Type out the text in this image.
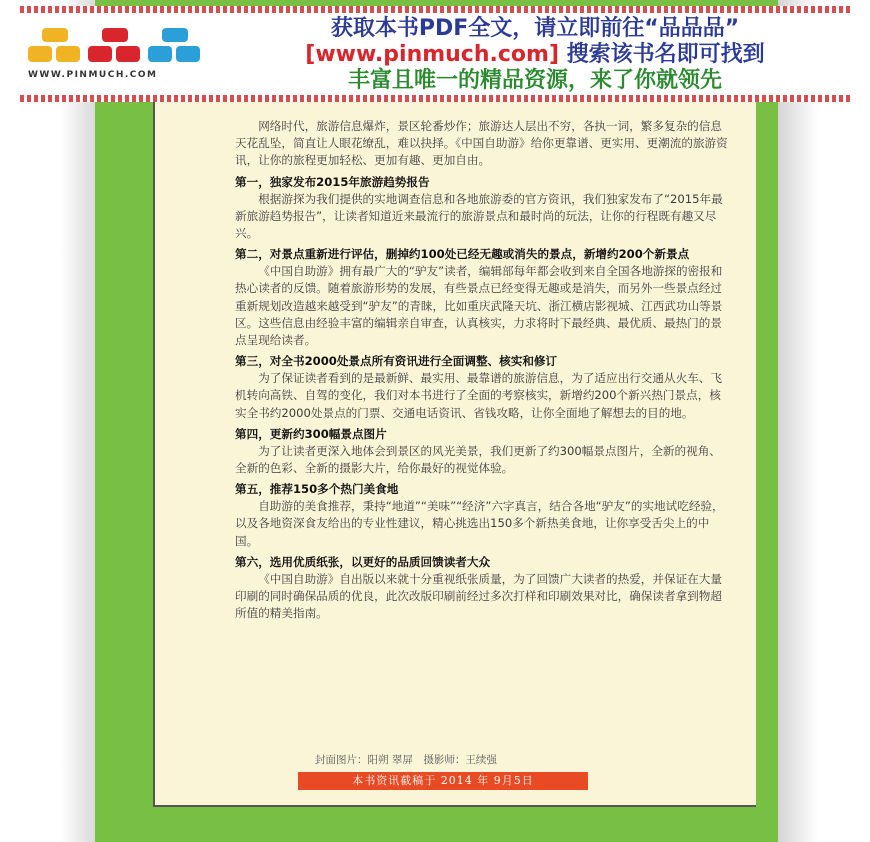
WWW.PINMUCH.COM
获取本书PDF全文，请立即前往“品品品”
[www.pinmuch.com] 搜索该书名即可找到
丰富且唯一的精品资源，来了你就领先

网络时代，旅游信息爆炸，景区轮番炒作；旅游达人层出不穷，各执一词，繁多复杂的信息天花乱坠，简直让人眼花缭乱，难以抉择。《中国自助游》给你更靠谱、更实用、更潮流的旅游资讯，让你的旅程更加轻松、更加有趣、更加自由。

第一，独家发布2015年旅游趋势报告

根据游探为我们提供的实地调查信息和各地旅游委的官方资讯，我们独家发布了“2015年最新旅游趋势报告”，让读者知道近来最流行的旅游景点和最时尚的玩法，让你的行程既有趣又尽兴。

第二，对景点重新进行评估，删掉约100处已经无趣或消失的景点，新增约200个新景点

《中国自助游》拥有最广大的“驴友”读者，编辑部每年都会收到来自全国各地游探的密报和热心读者的反馈。随着旅游形势的发展，有些景点已经变得无趣或是消失，而另外一些景点经过重新规划改造越来越受到“驴友”的青睐，比如重庆武隆天坑、浙江横店影视城、江西武功山等景区。这些信息由经验丰富的编辑亲自审查，认真核实，力求将时下最经典、最优质、最热门的景点呈现给读者。

第三，对全书2000处景点所有资讯进行全面调整、核实和修订

为了保证读者看到的是最新鲜、最实用、最靠谱的旅游信息，为了适应出行交通从火车、飞机转向高铁、自驾的变化，我们对本书进行了全面的考察核实，新增约200个新兴热门景点，核实全书约2000处景点的门票、交通电话资讯、省钱攻略，让你全面地了解想去的目的地。

第四，更新约300幅景点图片

为了让读者更深入地体会到景区的风光美景，我们更新了约300幅景点图片，全新的视角、全新的色彩、全新的摄影大片，给你最好的视觉体验。

第五，推荐150多个热门美食地

自助游的美食推荐，秉持“地道”“美味”“经济”六字真言，结合各地“驴友”的实地试吃经验，以及各地资深食友给出的专业性建议，精心挑选出150多个新热美食地，让你享受舌尖上的中国。

第六，选用优质纸张，以更好的品质回馈读者大众

《中国自助游》自出版以来就十分重视纸张质量，为了回馈广大读者的热爱，并保证在大量印刷的同时确保品质的优良，此次改版印刷前经过多次打样和印刷效果对比，确保读者拿到物超所值的精美指南。

封面图片：阳朔 翠屏　摄影师：王续强
本书资讯截稿于 2014 年 9月5日
